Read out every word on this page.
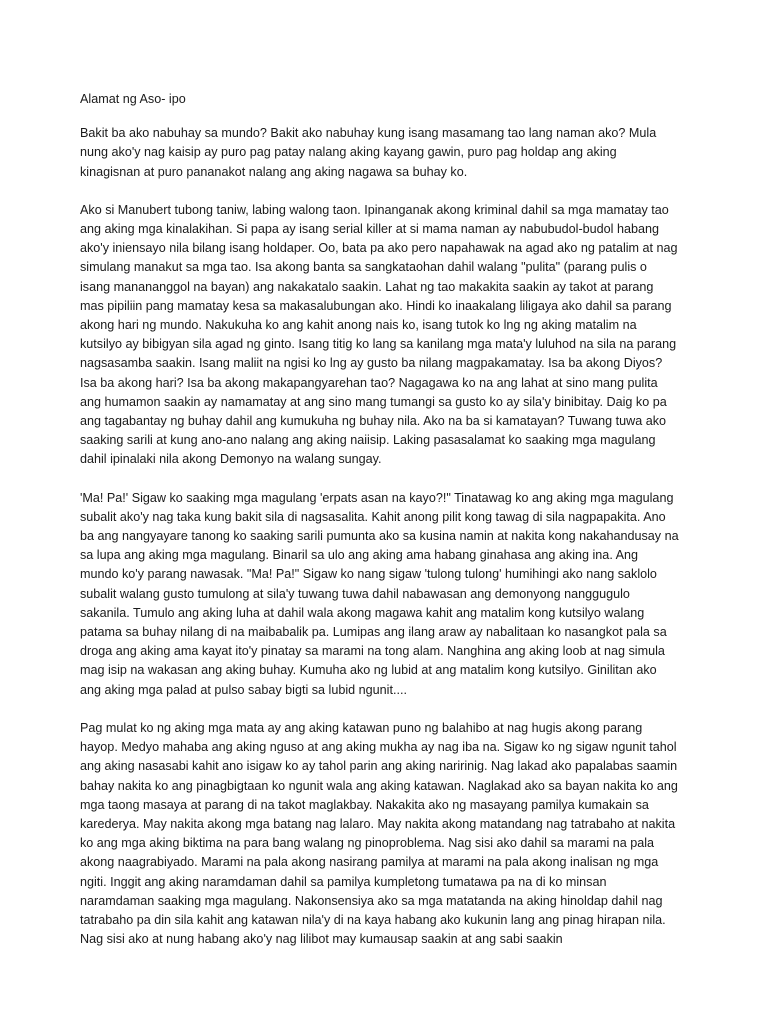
Alamat ng Aso- ipo

Bakit ba ako nabuhay sa mundo? Bakit ako nabuhay kung isang masamang tao lang naman ako? Mula nung ako'y nag kaisip ay puro pag patay nalang aking kayang gawin, puro pag holdap ang aking kinagisnan at puro pananakot nalang ang aking nagawa sa buhay ko.

Ako si Manubert tubong taniw, labing walong taon. Ipinanganak akong kriminal dahil sa mga mamatay tao ang aking mga kinalakihan. Si papa ay isang serial killer at si mama naman ay nabubudol-budol habang ako'y iniensayo nila bilang isang holdaper. Oo, bata pa ako pero napahawak na agad ako ng patalim at nag simulang manakut sa mga tao. Isa akong banta sa sangkataohan dahil walang "pulita" (parang pulis o isang manananggol na bayan) ang nakakatalo saakin. Lahat ng tao makakita saakin ay takot at parang mas pipiliin pang mamatay kesa sa makasalubungan ako. Hindi ko inaakalang liligaya ako dahil sa parang akong hari ng mundo. Nakukuha ko ang kahit anong nais ko, isang tutok ko lng ng aking matalim na kutsilyo ay bibigyan sila agad ng ginto. Isang titig ko lang sa kanilang mga mata'y luluhod na sila na parang nagsasamba saakin. Isang maliit na ngisi ko lng ay gusto ba nilang magpakamatay. Isa ba akong Diyos? Isa ba akong hari? Isa ba akong makapangyarehan tao? Nagagawa ko na ang lahat at sino mang pulita ang humamon saakin ay namamatay at ang sino mang tumangi sa gusto ko ay sila'y binibitay. Daig ko pa ang tagabantay ng buhay dahil ang kumukuha ng buhay nila. Ako na ba si kamatayan? Tuwang tuwa ako saaking sarili at kung ano-ano nalang ang aking naiisip. Laking pasasalamat ko saaking mga magulang dahil ipinalaki nila akong Demonyo na walang sungay.

'Ma! Pa!' Sigaw ko saaking mga magulang 'erpats asan na kayo?!" Tinatawag ko ang aking mga magulang subalit ako'y nag taka kung bakit sila di nagsasalita. Kahit anong pilit kong tawag di sila nagpapakita. Ano ba ang nangyayare tanong ko saaking sarili pumunta ako sa kusina namin at nakita kong nakahandusay na sa lupa ang aking mga magulang. Binaril sa ulo ang aking ama habang ginahasa ang aking ina. Ang mundo ko'y parang nawasak. "Ma! Pa!" Sigaw ko nang sigaw 'tulong tulong' humihingi ako nang saklolo subalit walang gusto tumulong at sila'y tuwang tuwa dahil nabawasan ang demonyong nanggugulo sakanila. Tumulo ang aking luha at dahil wala akong magawa kahit ang matalim kong kutsilyo walang patama sa buhay nilang di na maibabalik pa. Lumipas ang ilang araw ay nabalitaan ko nasangkot pala sa droga ang aking ama kayat ito'y pinatay sa marami na tong alam. Nanghina ang aking loob at nag simula mag isip na wakasan ang aking buhay. Kumuha ako ng lubid at ang matalim kong kutsilyo. Ginilitan ako ang aking mga palad at pulso sabay bigti sa lubid ngunit....

Pag mulat ko ng aking mga mata ay ang aking katawan puno ng balahibo at nag hugis akong parang hayop. Medyo mahaba ang aking nguso at ang aking mukha ay nag iba na. Sigaw ko ng sigaw ngunit tahol ang aking nasasabi kahit ano isigaw ko ay tahol parin ang aking naririnig. Nag lakad ako papalabas saamin bahay nakita ko ang pinagbigtaan ko ngunit wala ang aking katawan. Naglakad ako sa bayan nakita ko ang mga taong masaya at parang di na takot maglakbay. Nakakita ako ng masayang pamilya kumakain sa karederya. May nakita akong mga batang nag lalaro. May nakita akong matandang nag tatrabaho at nakita ko ang mga aking biktima na para bang walang ng pinoproblema. Nag sisi ako dahil sa marami na pala akong naagrabiyado. Marami na pala akong nasirang pamilya at marami na pala akong inalisan ng mga ngiti. Inggit ang aking naramdaman dahil sa pamilya kumpletong tumatawa pa na di ko minsan naramdaman saaking mga magulang. Nakonsensiya ako sa mga matatanda na aking hinoldap dahil nag tatrabaho pa din sila kahit ang katawan nila'y di na kaya habang ako kukunin lang ang pinag hirapan nila. Nag sisi ako at nung habang ako'y nag lilibot may kumausap saakin at ang sabi saakin
